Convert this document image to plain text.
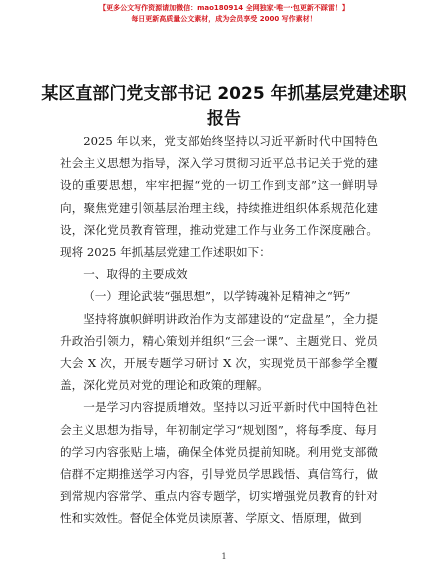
【更多公文写作资源请加微信：mao180914 全网独家·唯一·包更新不踩雷！】
每日更新高质量公文素材，成为会员享受 2000 写作素材！
某区直部门党支部书记 2025 年抓基层党建述职
报告

2025 年以来，党支部始终坚持以习近平新时代中国特色社会主义思想为指导，深入学习贯彻习近平总书记关于党的建设的重要思想，牢牢把握“党的一切工作到支部”这一鲜明导向，聚焦党建引领基层治理主线，持续推进组织体系规范化建设，深化党员教育管理，推动党建工作与业务工作深度融合。现将 2025 年抓基层党建工作述职如下：

一、取得的主要成效

（一）理论武装“强思想”，以学铸魂补足精神之“钙”

坚持将旗帜鲜明讲政治作为支部建设的“定盘星”，全力提升政治引领力，精心策划并组织“三会一课”、主题党日、党员大会 X 次，开展专题学习研讨 X 次，实现党员干部参学全覆盖，深化党员对党的理论和政策的理解。

一是学习内容提质增效。坚持以习近平新时代中国特色社会主义思想为指导，年初制定学习“规划图”，将每季度、每月的学习内容张贴上墙，确保全体党员提前知晓。利用党支部微信群不定期推送学习内容，引导党员学思践悟、真信笃行，做到常规内容常学、重点内容专题学，切实增强党员教育的针对性和实效性。督促全体党员读原著、学原文、悟原理，做到

1
